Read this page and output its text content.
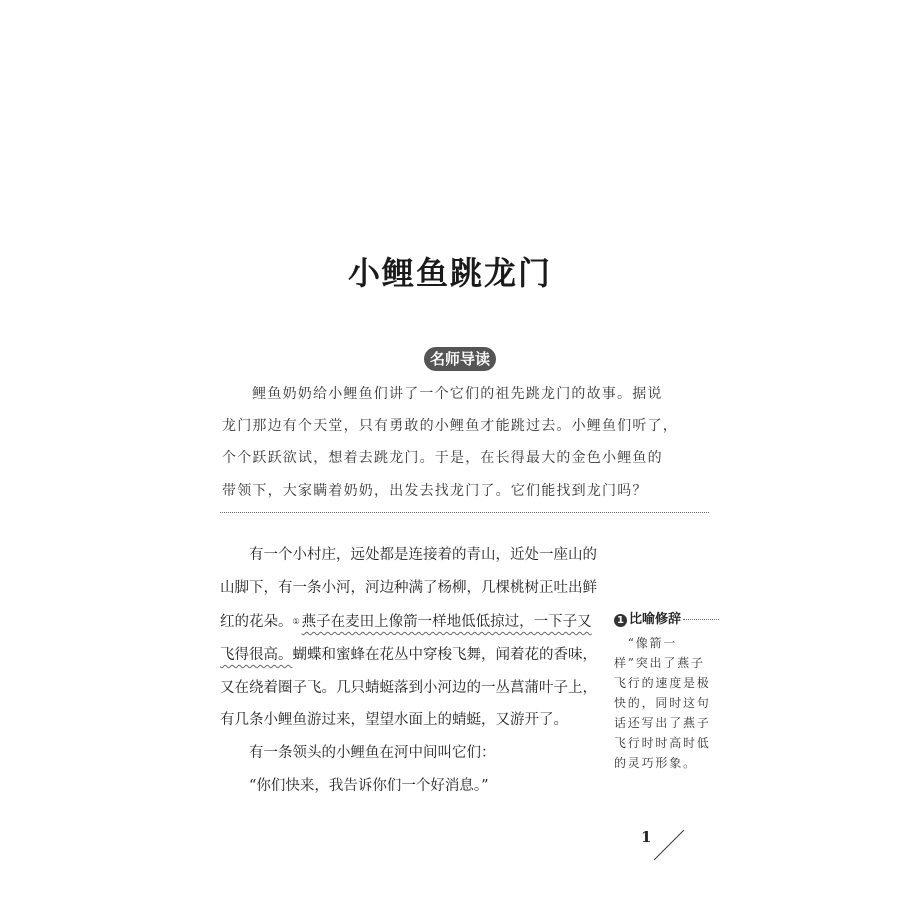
小鲤鱼跳龙门
名师导读
　鲤鱼奶奶给小鲤鱼们讲了一个它们的祖先跳龙门的故事。据说
龙门那边有个天堂，只有勇敢的小鲤鱼才能跳过去。小鲤鱼们听了，
个个跃跃欲试，想着去跳龙门。于是，在长得最大的金色小鲤鱼的
带领下，大家瞒着奶奶，出发去找龙门了。它们能找到龙门吗？
　　有一个小村庄，远处都是连接着的青山，近处一座山的
山脚下，有一条小河，河边种满了杨柳，几棵桃树正吐出鲜
红的花朵。① 燕子在麦田上像箭一样地低低掠过，一下子又
飞得很高。蝴蝶和蜜蜂在花丛中穿梭飞舞，闻着花的香味，
又在绕着圈子飞。几只蜻蜓落到小河边的一丛菖蒲叶子上，
有几条小鲤鱼游过来，望望水面上的蜻蜓，又游开了。
　　有一条领头的小鲤鱼在河中间叫它们：
　　“你们快来，我告诉你们一个好消息。”
1 比喻修辞
　“像箭一
样”突出了燕子
飞行的速度是极
快的，同时这句
话还写出了燕子
飞行时时高时低
的灵巧形象。
1
